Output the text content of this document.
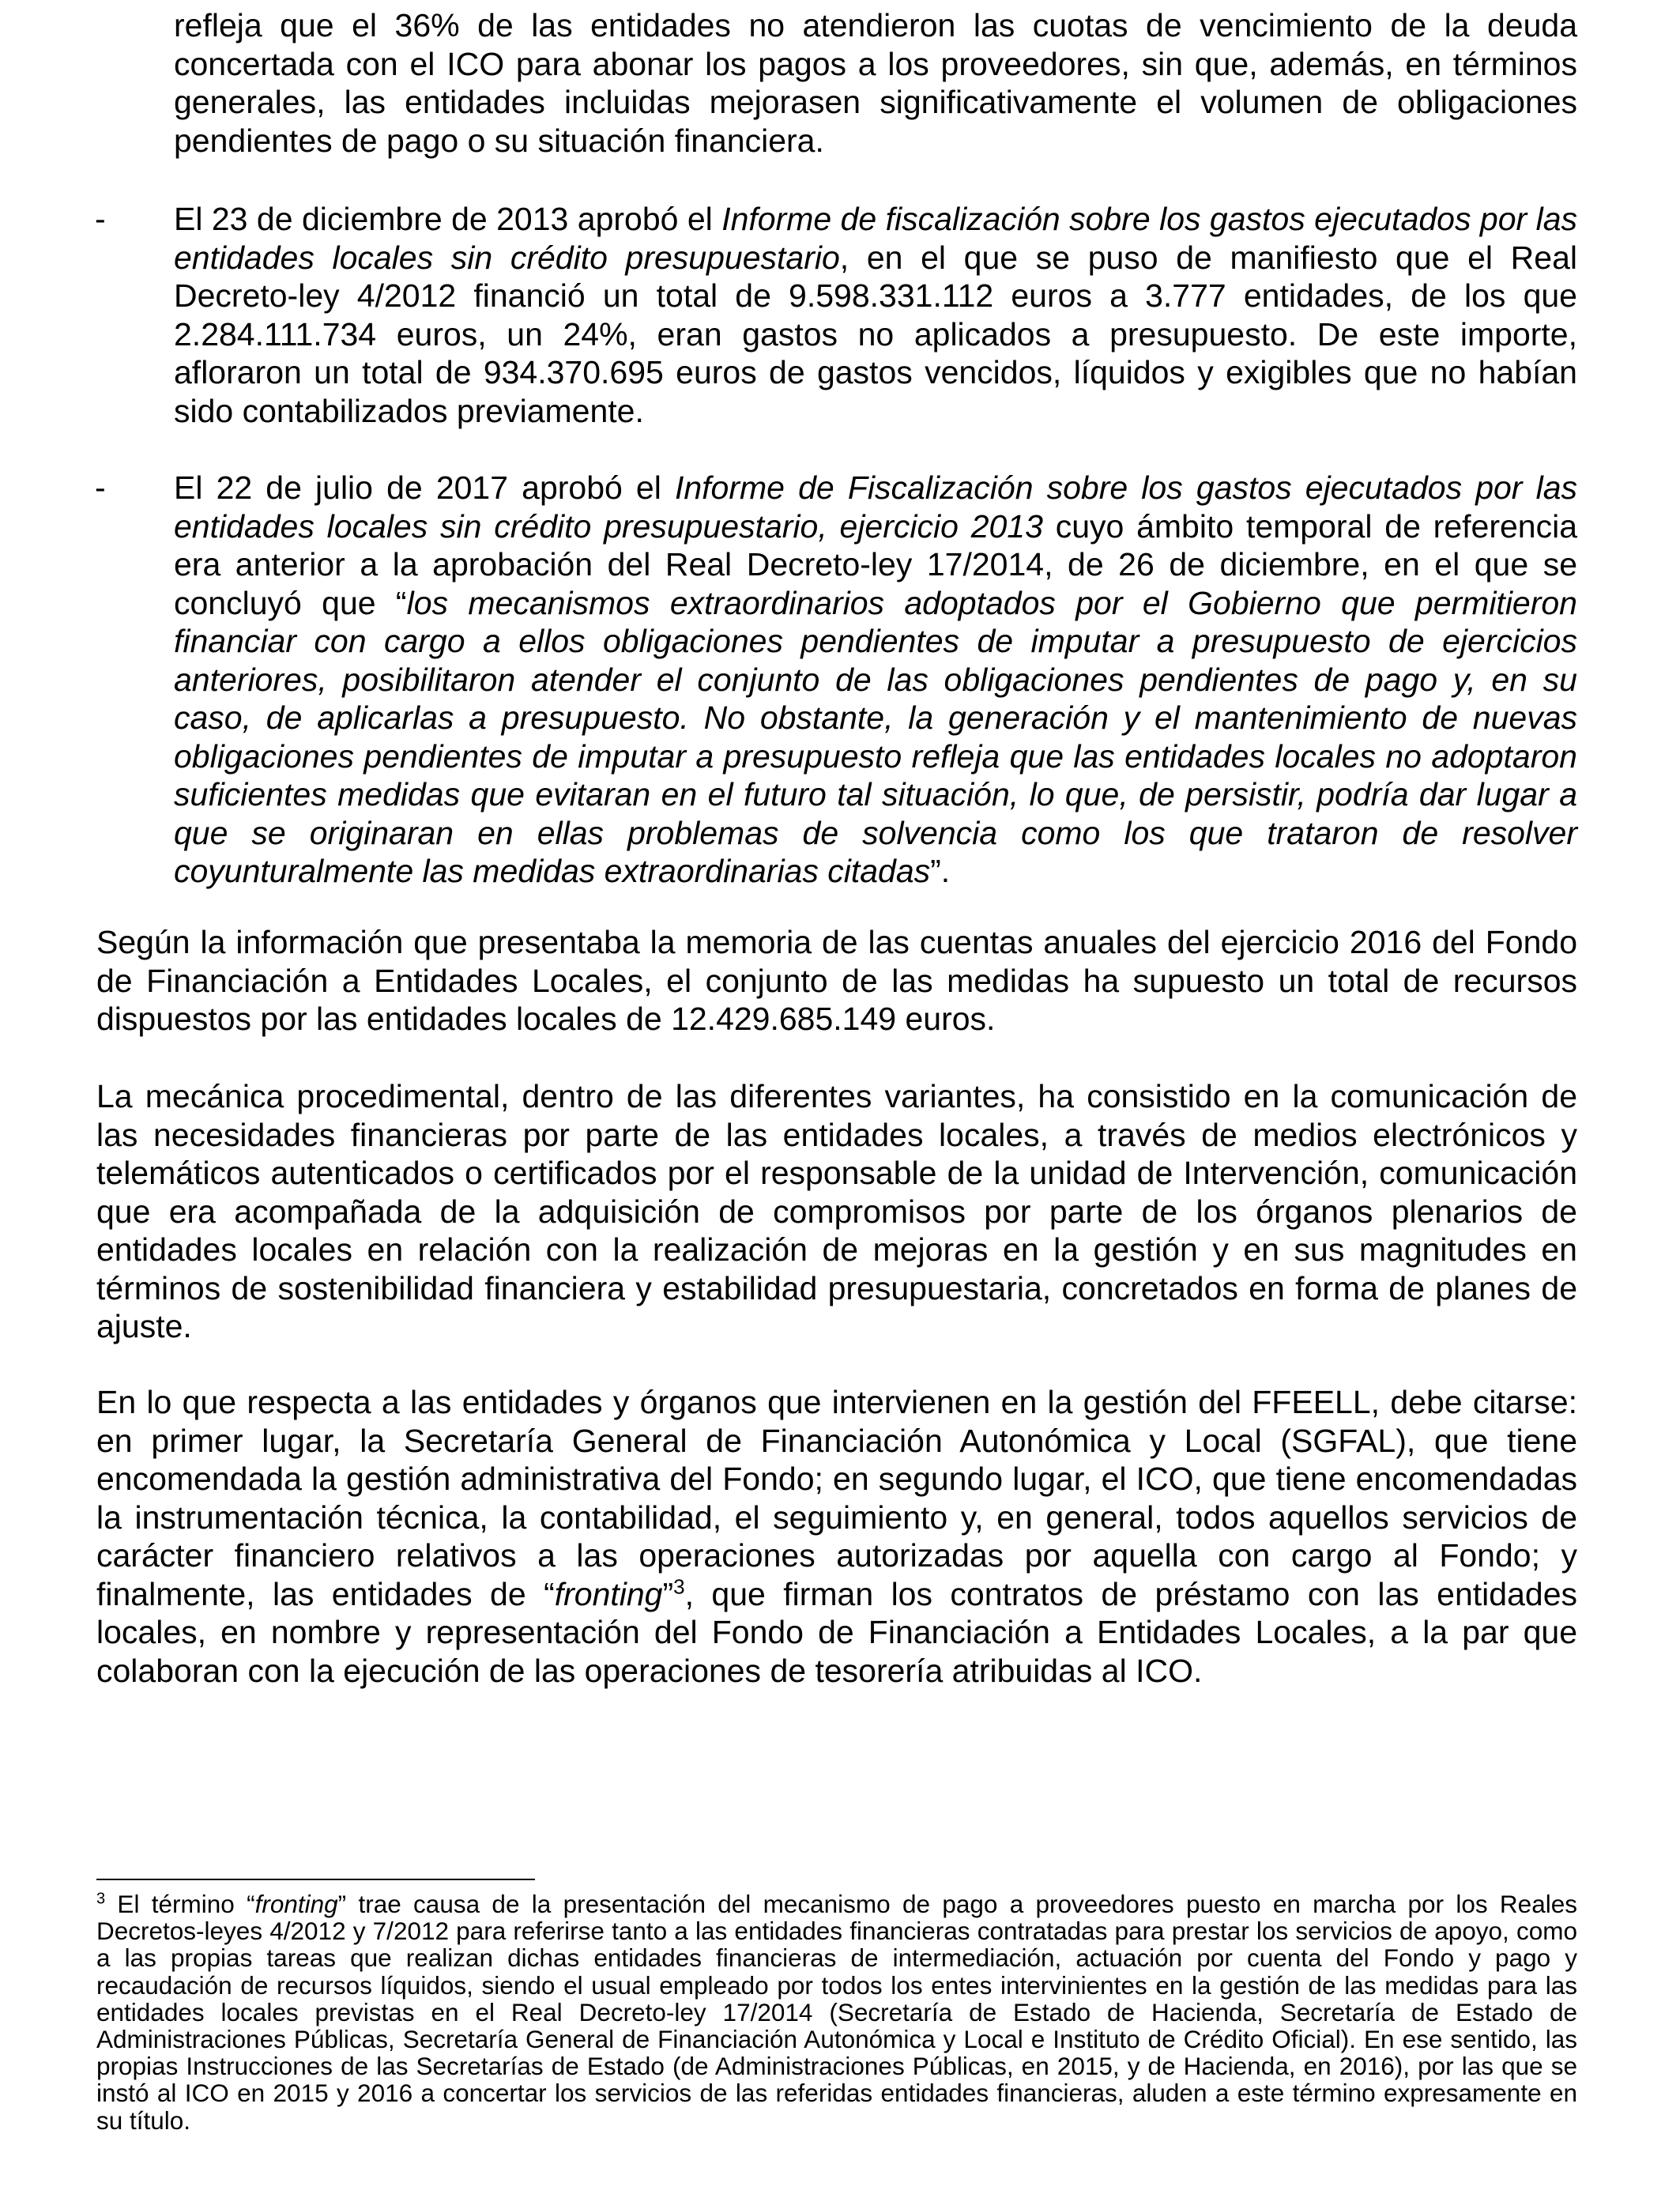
refleja que el 36% de las entidades no atendieron las cuotas de vencimiento de la deuda concertada con el ICO para abonar los pagos a los proveedores, sin que, además, en términos generales, las entidades incluidas mejorasen significativamente el volumen de obligaciones pendientes de pago o su situación financiera.
- El 23 de diciembre de 2013 aprobó el Informe de fiscalización sobre los gastos ejecutados por las entidades locales sin crédito presupuestario, en el que se puso de manifiesto que el Real Decreto-ley 4/2012 financió un total de 9.598.331.112 euros a 3.777 entidades, de los que 2.284.111.734 euros, un 24%, eran gastos no aplicados a presupuesto. De este importe, afloraron un total de 934.370.695 euros de gastos vencidos, líquidos y exigibles que no habían sido contabilizados previamente.
- El 22 de julio de 2017 aprobó el Informe de Fiscalización sobre los gastos ejecutados por las entidades locales sin crédito presupuestario, ejercicio 2013 cuyo ámbito temporal de referencia era anterior a la aprobación del Real Decreto-ley 17/2014, de 26 de diciembre, en el que se concluyó que “los mecanismos extraordinarios adoptados por el Gobierno que permitieron financiar con cargo a ellos obligaciones pendientes de imputar a presupuesto de ejercicios anteriores, posibilitaron atender el conjunto de las obligaciones pendientes de pago y, en su caso, de aplicarlas a presupuesto. No obstante, la generación y el mantenimiento de nuevas obligaciones pendientes de imputar a presupuesto refleja que las entidades locales no adoptaron suficientes medidas que evitaran en el futuro tal situación, lo que, de persistir, podría dar lugar a que se originaran en ellas problemas de solvencia como los que trataron de resolver coyunturalmente las medidas extraordinarias citadas”.
Según la información que presentaba la memoria de las cuentas anuales del ejercicio 2016 del Fondo de Financiación a Entidades Locales, el conjunto de las medidas ha supuesto un total de recursos dispuestos por las entidades locales de 12.429.685.149 euros.
La mecánica procedimental, dentro de las diferentes variantes, ha consistido en la comunicación de las necesidades financieras por parte de las entidades locales, a través de medios electrónicos y telemáticos autenticados o certificados por el responsable de la unidad de Intervención, comunicación que era acompañada de la adquisición de compromisos por parte de los órganos plenarios de entidades locales en relación con la realización de mejoras en la gestión y en sus magnitudes en términos de sostenibilidad financiera y estabilidad presupuestaria, concretados en forma de planes de ajuste.
En lo que respecta a las entidades y órganos que intervienen en la gestión del FFEELL, debe citarse: en primer lugar, la Secretaría General de Financiación Autonómica y Local (SGFAL), que tiene encomendada la gestión administrativa del Fondo; en segundo lugar, el ICO, que tiene encomendadas la instrumentación técnica, la contabilidad, el seguimiento y, en general, todos aquellos servicios de carácter financiero relativos a las operaciones autorizadas por aquella con cargo al Fondo; y finalmente, las entidades de “fronting”$^3$, que firman los contratos de préstamo con las entidades locales, en nombre y representación del Fondo de Financiación a Entidades Locales, a la par que colaboran con la ejecución de las operaciones de tesorería atribuidas al ICO.
$^3$ El término “fronting” trae causa de la presentación del mecanismo de pago a proveedores puesto en marcha por los Reales Decretos-leyes 4/2012 y 7/2012 para referirse tanto a las entidades financieras contratadas para prestar los servicios de apoyo, como a las propias tareas que realizan dichas entidades financieras de intermediación, actuación por cuenta del Fondo y pago y recaudación de recursos líquidos, siendo el usual empleado por todos los entes intervinientes en la gestión de las medidas para las entidades locales previstas en el Real Decreto-ley 17/2014 (Secretaría de Estado de Hacienda, Secretaría de Estado de Administraciones Públicas, Secretaría General de Financiación Autonómica y Local e Instituto de Crédito Oficial). En ese sentido, las propias Instrucciones de las Secretarías de Estado (de Administraciones Públicas, en 2015, y de Hacienda, en 2016), por las que se instó al ICO en 2015 y 2016 a concertar los servicios de las referidas entidades financieras, aluden a este término expresamente en su título.
